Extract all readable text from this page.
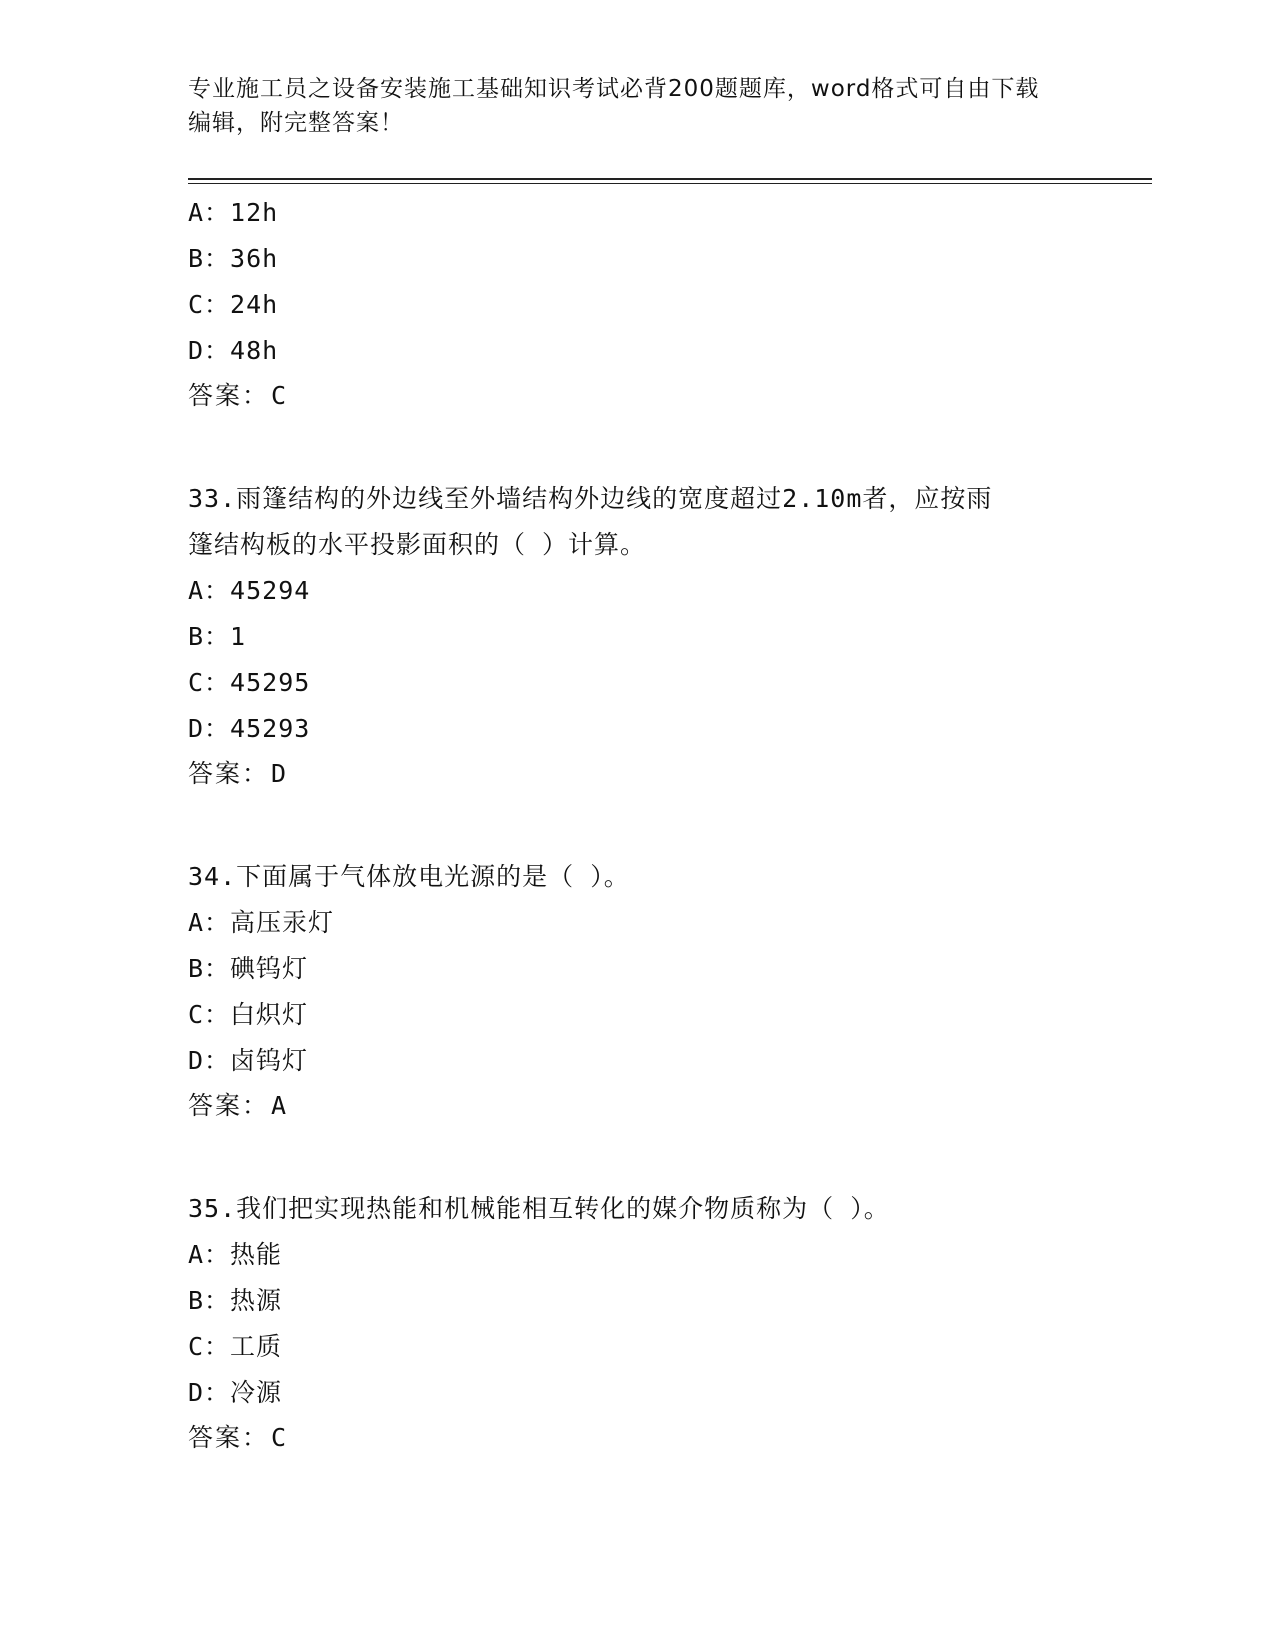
专业施工员之设备安装施工基础知识考试必背200题题库，word格式可自由下载
编辑，附完整答案！
A：12h
B：36h
C：24h
D：48h
答案：C
33.雨篷结构的外边线至外墙结构外边线的宽度超过2.10m者，应按雨
篷结构板的水平投影面积的（ ）计算。
A：45294
B：1
C：45295
D：45293
答案：D
34.下面属于气体放电光源的是（ ）。
A：高压汞灯
B：碘钨灯
C：白炽灯
D：卤钨灯
答案：A
35.我们把实现热能和机械能相互转化的媒介物质称为（ ）。
A：热能
B：热源
C：工质
D：冷源
答案：C
